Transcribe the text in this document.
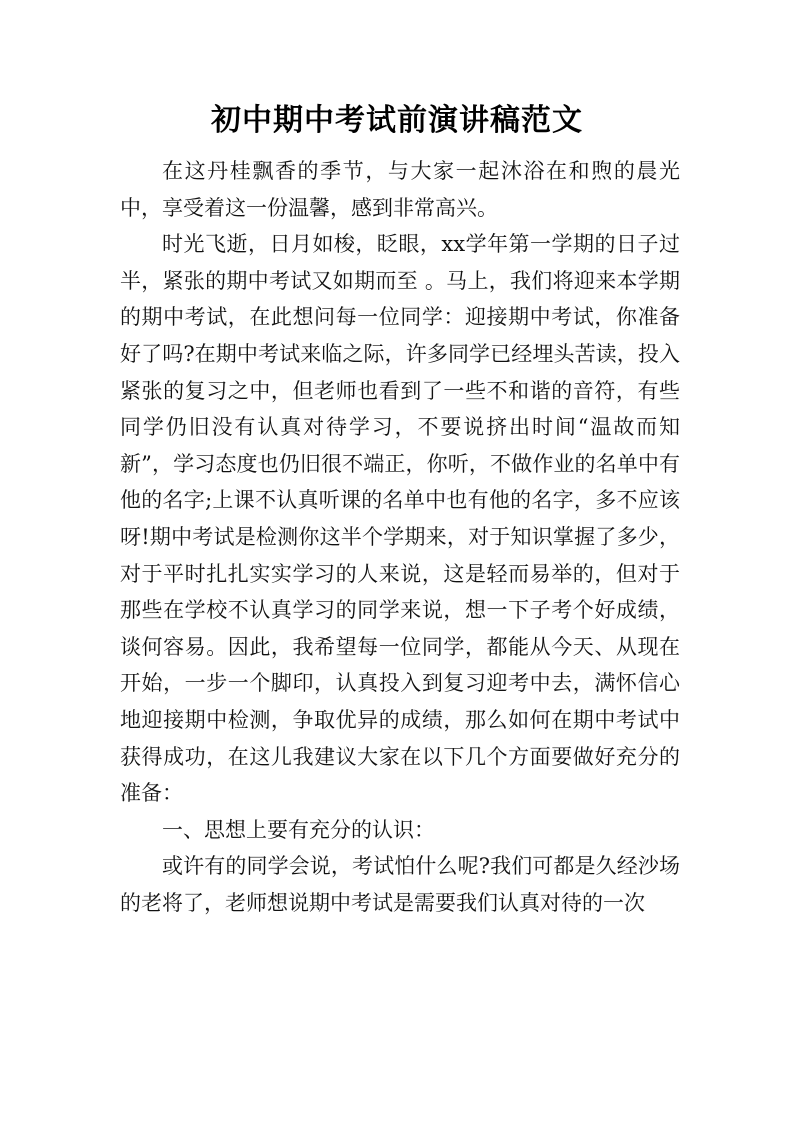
初中期中考试前演讲稿范文

在这丹桂飘香的季节，与大家一起沐浴在和煦的晨光中，享受着这一份温馨，感到非常高兴。

时光飞逝，日月如梭，眨眼，xx学年第一学期的日子过半，紧张的期中考试又如期而至 。马上，我们将迎来本学期的期中考试，在此想问每一位同学：迎接期中考试，你准备好了吗?在期中考试来临之际，许多同学已经埋头苦读，投入紧张的复习之中，但老师也看到了一些不和谐的音符，有些同学仍旧没有认真对待学习，不要说挤出时间“温故而知新”，学习态度也仍旧很不端正，你听，不做作业的名单中有他的名字;上课不认真听课的名单中也有他的名字，多不应该呀!期中考试是检测你这半个学期来，对于知识掌握了多少，对于平时扎扎实实学习的人来说，这是轻而易举的，但对于那些在学校不认真学习的同学来说，想一下子考个好成绩，谈何容易。因此，我希望每一位同学，都能从今天、从现在开始，一步一个脚印，认真投入到复习迎考中去，满怀信心地迎接期中检测，争取优异的成绩，那么如何在期中考试中获得成功，在这儿我建议大家在以下几个方面要做好充分的准备：

一、思想上要有充分的认识：

或许有的同学会说，考试怕什么呢?我们可都是久经沙场的老将了，老师想说期中考试是需要我们认真对待的一次
